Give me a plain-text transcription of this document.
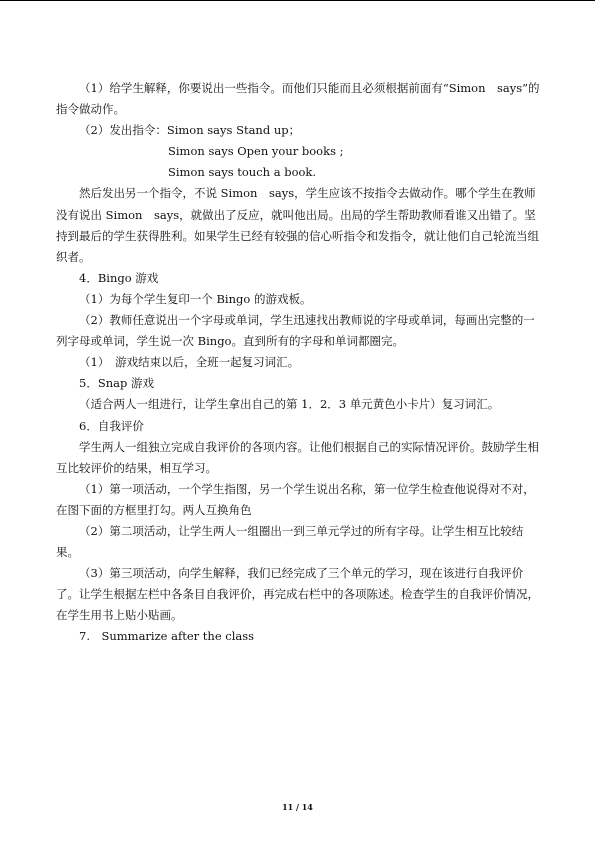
（1）给学生解释，你要说出一些指令。而他们只能而且必须根据前面有“Simon　says”的指令做动作。

（2）发出指令：Simon says Stand up；

Simon says Open your books ;

Simon says touch a book.

然后发出另一个指令，不说 Simon　says，学生应该不按指令去做动作。哪个学生在教师没有说出 Simon　says，就做出了反应，就叫他出局。出局的学生帮助教师看谁又出错了。坚持到最后的学生获得胜利。如果学生已经有较强的信心听指令和发指令，就让他们自己轮流当组织者。

4．Bingo 游戏

（1）为每个学生复印一个 Bingo 的游戏板。

（2）教师任意说出一个字母或单词，学生迅速找出教师说的字母或单词，每画出完整的一列字母或单词，学生说一次 Bingo。直到所有的字母和单词都圈完。

（1）　游戏结束以后，全班一起复习词汇。

5．Snap 游戏

（适合两人一组进行，让学生拿出自己的第 1．2．3 单元黄色小卡片）复习词汇。

6．自我评价

学生两人一组独立完成自我评价的各项内容。让他们根据自己的实际情况评价。鼓励学生相互比较评价的结果，相互学习。

（1）第一项活动，一个学生指图，另一个学生说出名称，第一位学生检查他说得对不对，在图下面的方框里打勾。两人互换角色

（2）第二项活动，让学生两人一组圈出一到三单元学过的所有字母。让学生相互比较结果。

（3）第三项活动，向学生解释，我们已经完成了三个单元的学习，现在该进行自我评价了。让学生根据左栏中各条目自我评价，再完成右栏中的各项陈述。检查学生的自我评价情况，在学生用书上贴小贴画。

7.　Summarize after the class

11 / 14
